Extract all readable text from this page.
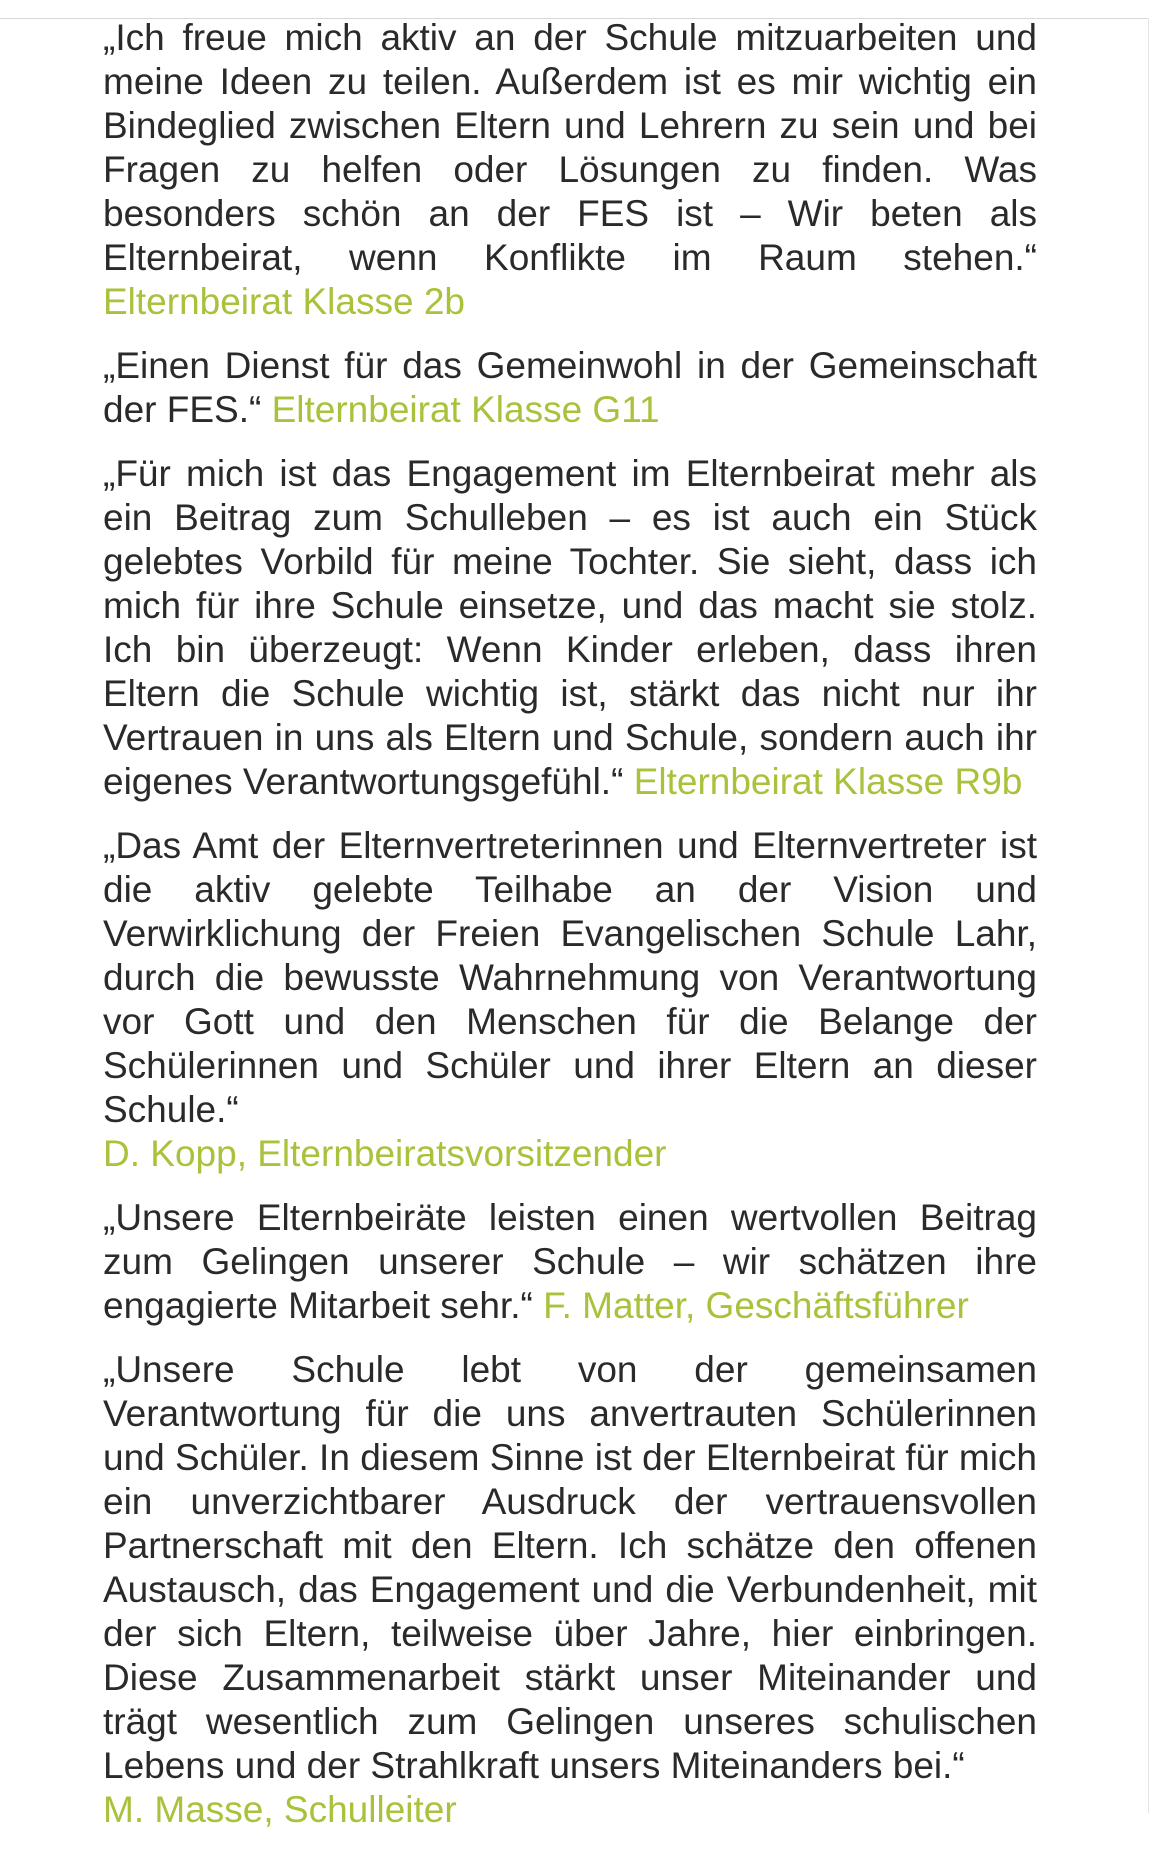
„Ich freue mich aktiv an der Schule mitzuarbeiten und meine Ideen zu teilen. Außerdem ist es mir wichtig ein Bindeglied zwischen Eltern und Lehrern zu sein und bei Fragen zu helfen oder Lösungen zu finden. Was besonders schön an der FES ist – Wir beten als Elternbeirat, wenn Konflikte im Raum stehen.“ Elternbeirat Klasse 2b

„Einen Dienst für das Gemeinwohl in der Gemeinschaft der FES.“ Elternbeirat Klasse G11

„Für mich ist das Engagement im Elternbeirat mehr als ein Beitrag zum Schulleben – es ist auch ein Stück gelebtes Vorbild für meine Tochter. Sie sieht, dass ich mich für ihre Schule einsetze, und das macht sie stolz. Ich bin überzeugt: Wenn Kinder erleben, dass ihren Eltern die Schule wichtig ist, stärkt das nicht nur ihr Vertrauen in uns als Eltern und Schule, sondern auch ihr eigenes Verantwortungsgefühl.“ Elternbeirat Klasse R9b

„Das Amt der Elternvertreterinnen und Elternvertreter ist die aktiv gelebte Teilhabe an der Vision und Verwirklichung der Freien Evangelischen Schule Lahr, durch die bewusste Wahrnehmung von Verantwortung vor Gott und den Menschen für die Belange der Schülerinnen und Schüler und ihrer Eltern an dieser Schule.“
D. Kopp, Elternbeiratsvorsitzender

„Unsere Elternbeiräte leisten einen wertvollen Beitrag zum Gelingen unserer Schule – wir schätzen ihre engagierte Mitarbeit sehr.“ F. Matter, Geschäftsführer

„Unsere Schule lebt von der gemeinsamen Verantwortung für die uns anvertrauten Schülerinnen und Schüler. In diesem Sinne ist der Elternbeirat für mich ein unverzichtbarer Ausdruck der vertrauensvollen Partnerschaft mit den Eltern. Ich schätze den offenen Austausch, das Engagement und die Verbundenheit, mit der sich Eltern, teilweise über Jahre, hier einbringen. Diese Zusammenarbeit stärkt unser Miteinander und trägt wesentlich zum Gelingen unseres schulischen Lebens und der Strahlkraft unsers Miteinanders bei.“
M. Masse, Schulleiter
